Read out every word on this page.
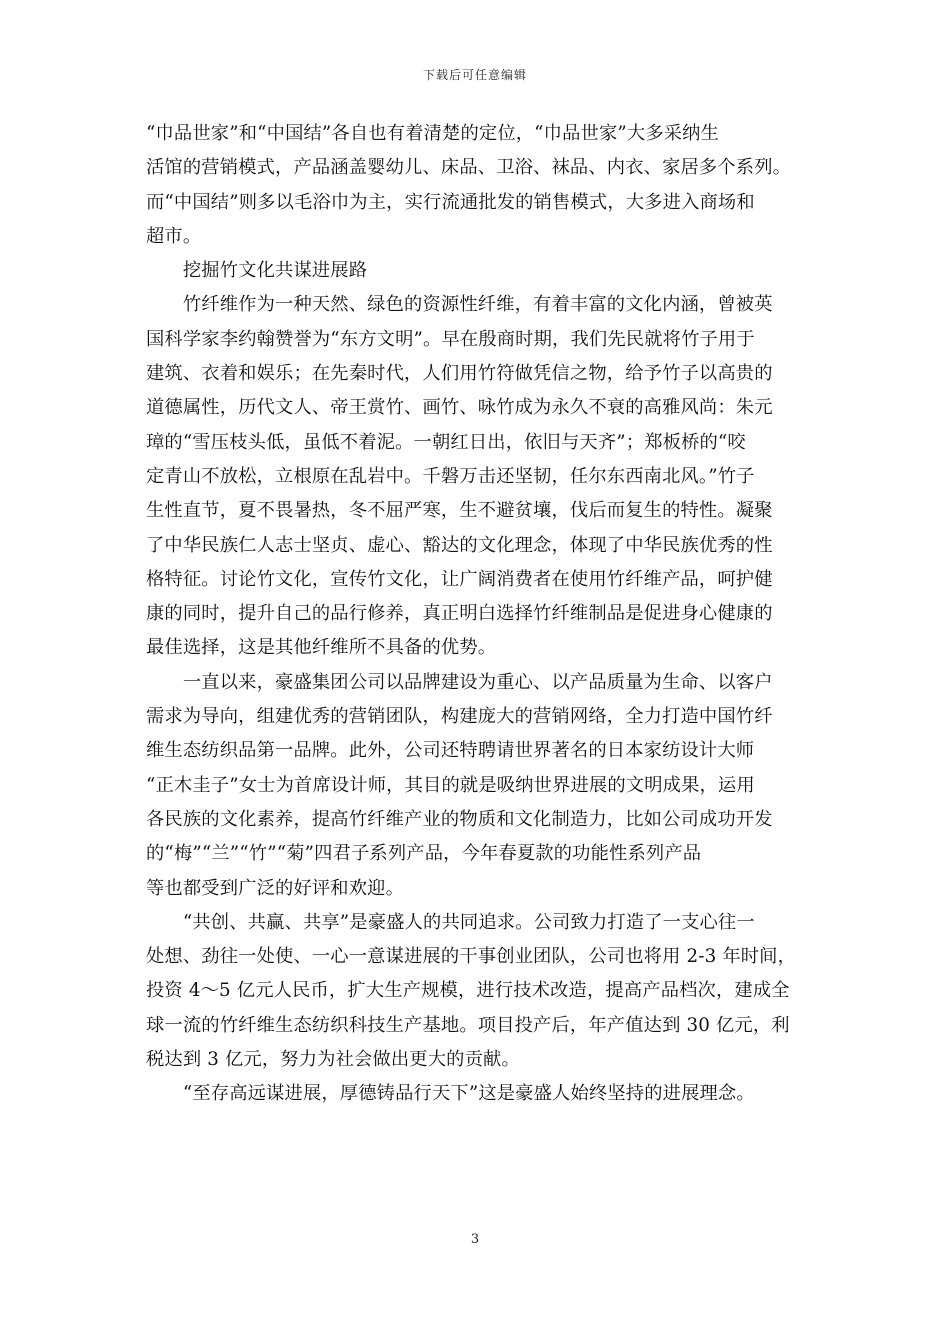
下载后可任意编辑
“巾品世家”和“中国结”各自也有着清楚的定位，“巾品世家”大多采纳生
活馆的营销模式，产品涵盖婴幼儿、床品、卫浴、袜品、内衣、家居多个系列。
而“中国结”则多以毛浴巾为主，实行流通批发的销售模式，大多进入商场和
超市。
　　挖掘竹文化共谋进展路
　　竹纤维作为一种天然、绿色的资源性纤维，有着丰富的文化内涵，曾被英
国科学家李约翰赞誉为“东方文明”。早在殷商时期，我们先民就将竹子用于
建筑、衣着和娱乐；在先秦时代，人们用竹符做凭信之物，给予竹子以高贵的
道德属性，历代文人、帝王赏竹、画竹、咏竹成为永久不衰的高雅风尚：朱元
璋的“雪压枝头低，虽低不着泥。一朝红日出，依旧与天齐”；郑板桥的“咬
定青山不放松，立根原在乱岩中。千磐万击还坚韧，任尔东西南北风。”竹子
生性直节，夏不畏暑热，冬不屈严寒，生不避贫壤，伐后而复生的特性。凝聚
了中华民族仁人志士坚贞、虚心、豁达的文化理念，体现了中华民族优秀的性
格特征。讨论竹文化，宣传竹文化，让广阔消费者在使用竹纤维产品，呵护健
康的同时，提升自己的品行修养，真正明白选择竹纤维制品是促进身心健康的
最佳选择，这是其他纤维所不具备的优势。
　　一直以来，豪盛集团公司以品牌建设为重心、以产品质量为生命、以客户
需求为导向，组建优秀的营销团队，构建庞大的营销网络，全力打造中国竹纤
维生态纺织品第一品牌。此外，公司还特聘请世界著名的日本家纺设计大师
“正木圭子”女士为首席设计师，其目的就是吸纳世界进展的文明成果，运用
各民族的文化素养，提高竹纤维产业的物质和文化制造力，比如公司成功开发
的“梅”“兰”“竹”“菊”四君子系列产品，今年春夏款的功能性系列产品
等也都受到广泛的好评和欢迎。
　　“共创、共赢、共享”是豪盛人的共同追求。公司致力打造了一支心往一
处想、劲往一处使、一心一意谋进展的干事创业团队，公司也将用 2-3 年时间，
投资 4～5 亿元人民币，扩大生产规模，进行技术改造，提高产品档次，建成全
球一流的竹纤维生态纺织科技生产基地。项目投产后，年产值达到 30 亿元，利
税达到 3 亿元，努力为社会做出更大的贡献。
　　“至存高远谋进展，厚德铸品行天下”这是豪盛人始终坚持的进展理念。
3
